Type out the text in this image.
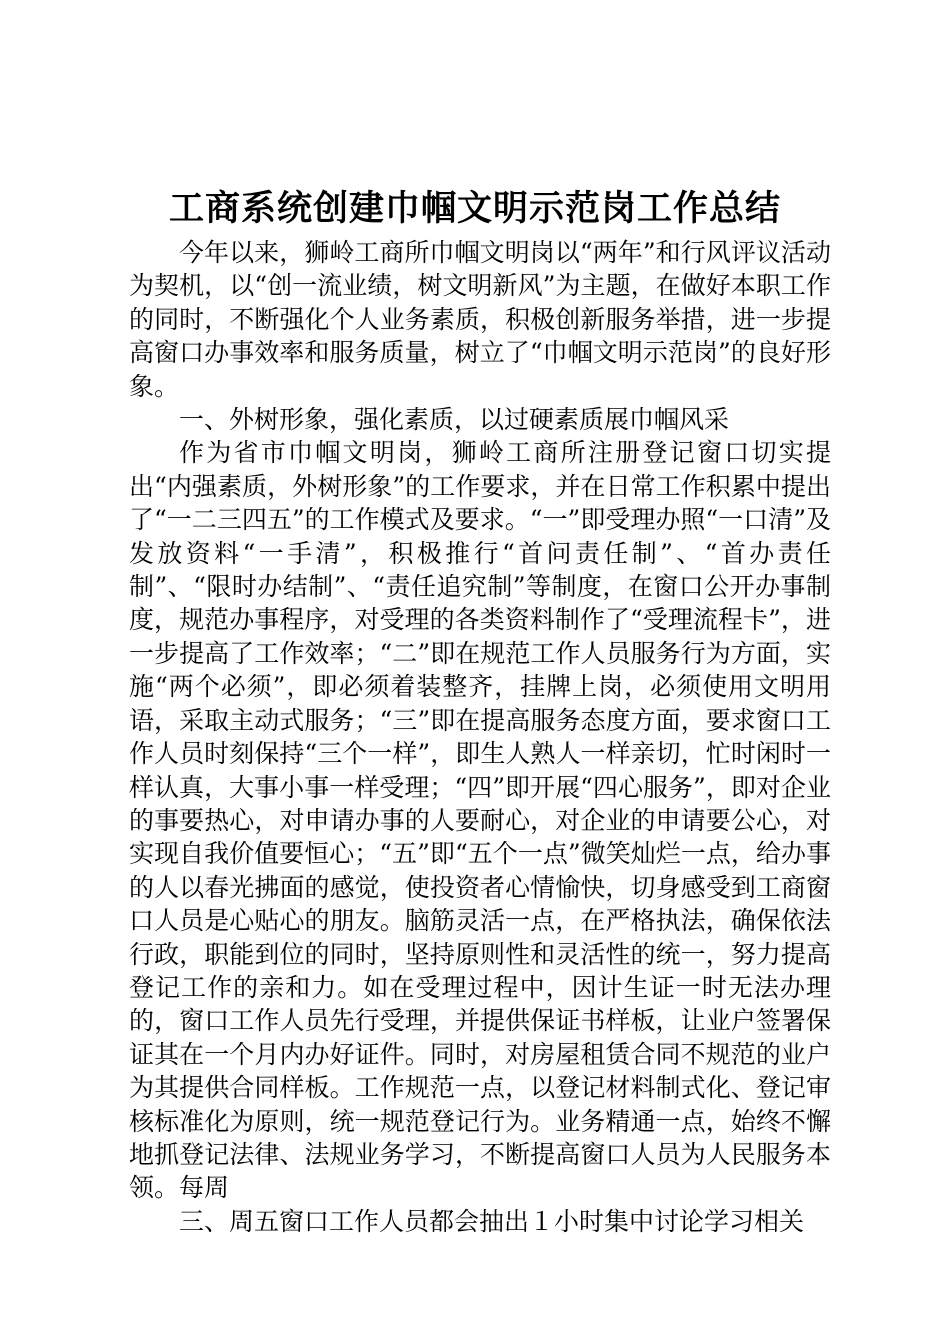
工商系统创建巾帼文明示范岗工作总结

今年以来，狮岭工商所巾帼文明岗以“两年”和行风评议活动为契机，以“创一流业绩，树文明新风”为主题，在做好本职工作的同时，不断强化个人业务素质，积极创新服务举措，进一步提高窗口办事效率和服务质量，树立了“巾帼文明示范岗”的良好形象。

一、外树形象，强化素质，以过硬素质展巾帼风采

作为省市巾帼文明岗，狮岭工商所注册登记窗口切实提出“内强素质，外树形象”的工作要求，并在日常工作积累中提出了“一二三四五”的工作模式及要求。“一”即受理办照“一口清”及发放资料“一手清”，积极推行“首问责任制”、“首办责任制”、“限时办结制”、“责任追究制”等制度，在窗口公开办事制度，规范办事程序，对受理的各类资料制作了“受理流程卡”，进一步提高了工作效率；“二”即在规范工作人员服务行为方面，实施“两个必须”，即必须着装整齐，挂牌上岗，必须使用文明用语，采取主动式服务；“三”即在提高服务态度方面，要求窗口工作人员时刻保持“三个一样”，即生人熟人一样亲切，忙时闲时一样认真，大事小事一样受理；“四”即开展“四心服务”，即对企业的事要热心，对申请办事的人要耐心，对企业的申请要公心，对实现自我价值要恒心；“五”即“五个一点”微笑灿烂一点，给办事的人以春光拂面的感觉，使投资者心情愉快，切身感受到工商窗口人员是心贴心的朋友。脑筋灵活一点，在严格执法，确保依法行政，职能到位的同时，坚持原则性和灵活性的统一，努力提高登记工作的亲和力。如在受理过程中，因计生证一时无法办理的，窗口工作人员先行受理，并提供保证书样板，让业户签署保证其在一个月内办好证件。同时，对房屋租赁合同不规范的业户为其提供合同样板。工作规范一点，以登记材料制式化、登记审核标准化为原则，统一规范登记行为。业务精通一点，始终不懈地抓登记法律、法规业务学习，不断提高窗口人员为人民服务本领。每周

三、周五窗口工作人员都会抽出１小时集中讨论学习相关
